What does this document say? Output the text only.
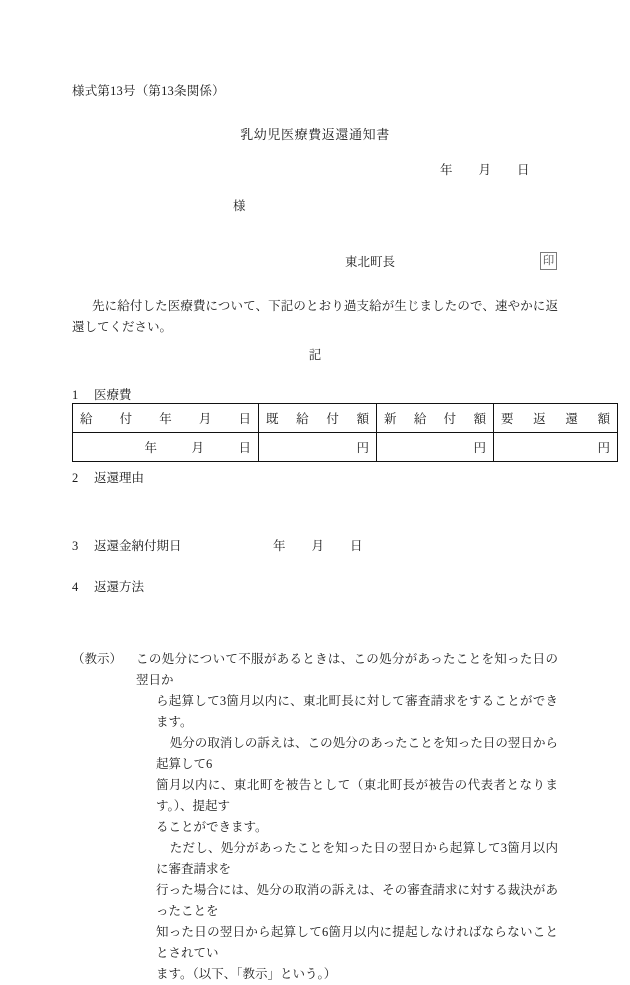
様式第13号（第13条関係）
乳幼児医療費返還通知書
年 月 日
様
東北町長	印
先に給付した医療費について、下記のとおり過支給が生じましたので、速やかに返還してください。
記
1 医療費
給 付 年 月 日	既 給 付 額	新 給 付 額	要 返 還 額

年 月 日	円	円	円
2 返還理由
3 返還金納付期日	年 月 日
4 返還方法
（教示）	この処分について不服があるときは、この処分があったことを知った日の翌日か
ら起算して3箇月以内に、東北町長に対して審査請求をすることができます。
処分の取消しの訴えは、この処分のあったことを知った日の翌日から起算して6
箇月以内に、東北町を被告として（東北町長が被告の代表者となります。）、提起す
ることができます。
ただし、処分があったことを知った日の翌日から起算して3箇月以内に審査請求を
行った場合には、処分の取消の訴えは、その審査請求に対する裁決があったことを
知った日の翌日から起算して6箇月以内に提起しなければならないこととされてい
ます。（以下、「教示」という。）
